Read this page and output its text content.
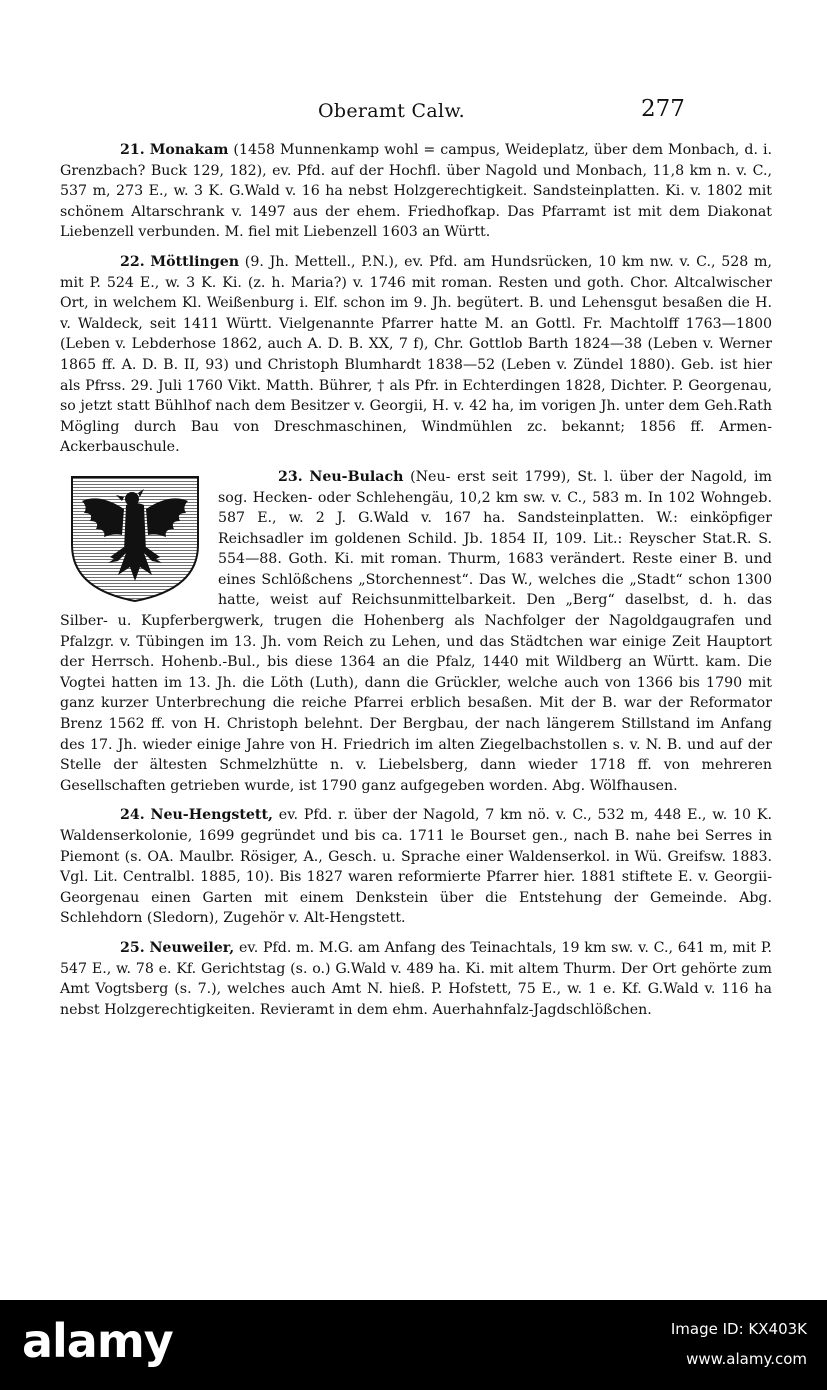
Oberamt Calw.	277

21. Monakam (1458 Munnenkamp wohl = campus, Weideplatz, über dem Monbach, d. i. Grenzbach? Buck 129, 182), ev. Pfd. auf der Hochfl. über Nagold und Monbach, 11,8 km n. v. C., 537 m, 273 E., w. 3 K. G.Wald v. 16 ha nebst Holzgerechtigkeit. Sandsteinplatten. Ki. v. 1802 mit schönem Altarschrank v. 1497 aus der ehem. Friedhofkap. Das Pfarramt ist mit dem Diakonat Liebenzell verbunden. M. fiel mit Liebenzell 1603 an Württ.

22. Möttlingen (9. Jh. Mettell., P.N.), ev. Pfd. am Hundsrücken, 10 km nw. v. C., 528 m, mit P. 524 E., w. 3 K. Ki. (z. h. Maria?) v. 1746 mit roman. Resten und goth. Chor. Altcalwischer Ort, in welchem Kl. Weißenburg i. Elf. schon im 9. Jh. begütert. B. und Lehensgut besaßen die H. v. Waldeck, seit 1411 Württ. Vielgenannte Pfarrer hatte M. an Gottl. Fr. Machtolff 1763—1800 (Leben v. Lebderhose 1862, auch A. D. B. XX, 7 f), Chr. Gottlob Barth 1824—38 (Leben v. Werner 1865 ff. A. D. B. II, 93) und Christoph Blumhardt 1838—52 (Leben v. Zündel 1880). Geb. ist hier als Pfrss. 29. Juli 1760 Vikt. Matth. Bührer, † als Pfr. in Echterdingen 1828, Dichter. P. Georgenau, so jetzt statt Bühlhof nach dem Besitzer v. Georgii, H. v. 42 ha, im vorigen Jh. unter dem Geh.Rath Mögling durch Bau von Dreschmaschinen, Windmühlen zc. bekannt; 1856 ff. Armen-Ackerbauschule.

23. Neu-Bulach (Neu- erst seit 1799), St. l. über der Nagold, im sog. Hecken- oder Schlehengäu, 10,2 km sw. v. C., 583 m. In 102 Wohngeb. 587 E., w. 2 J. G.Wald v. 167 ha. Sandsteinplatten. W.: einköpfiger Reichsadler im goldenen Schild. Jb. 1854 II, 109. Lit.: Reyscher Stat.R. S. 554—88. Goth. Ki. mit roman. Thurm, 1683 verändert. Reste einer B. und eines Schlößchens „Storchennest“. Das W., welches die „Stadt“ schon 1300 hatte, weist auf Reichsunmittelbarkeit. Den „Berg“ daselbst, d. h. das Silber- u. Kupferbergwerk, trugen die Hohenberg als Nachfolger der Nagoldgaugrafen und Pfalzgr. v. Tübingen im 13. Jh. vom Reich zu Lehen, und das Städtchen war einige Zeit Hauptort der Herrsch. Hohenb.-Bul., bis diese 1364 an die Pfalz, 1440 mit Wildberg an Württ. kam. Die Vogtei hatten im 13. Jh. die Löth (Luth), dann die Grückler, welche auch von 1366 bis 1790 mit ganz kurzer Unterbrechung die reiche Pfarrei erblich besaßen. Mit der B. war der Reformator Brenz 1562 ff. von H. Christoph belehnt. Der Bergbau, der nach längerem Stillstand im Anfang des 17. Jh. wieder einige Jahre von H. Friedrich im alten Ziegelbachstollen s. v. N. B. und auf der Stelle der ältesten Schmelzhütte n. v. Liebelsberg, dann wieder 1718 ff. von mehreren Gesellschaften getrieben wurde, ist 1790 ganz aufgegeben worden. Abg. Wölfhausen.

24. Neu-Hengstett, ev. Pfd. r. über der Nagold, 7 km nö. v. C., 532 m, 448 E., w. 10 K. Waldenserkolonie, 1699 gegründet und bis ca. 1711 le Bourset gen., nach B. nahe bei Serres in Piemont (s. OA. Maulbr. Rösiger, A., Gesch. u. Sprache einer Waldenserkol. in Wü. Greifsw. 1883. Vgl. Lit. Centralbl. 1885, 10). Bis 1827 waren reformierte Pfarrer hier. 1881 stiftete E. v. Georgii-Georgenau einen Garten mit einem Denkstein über die Entstehung der Gemeinde. Abg. Schlehdorn (Sledorn), Zugehör v. Alt-Hengstett.

25. Neuweiler, ev. Pfd. m. M.G. am Anfang des Teinachtals, 19 km sw. v. C., 641 m, mit P. 547 E., w. 78 e. Kf. Gerichtstag (s. o.) G.Wald v. 489 ha. Ki. mit altem Thurm. Der Ort gehörte zum Amt Vogtsberg (s. 7.), welches auch Amt N. hieß. P. Hofstett, 75 E., w. 1 e. Kf. G.Wald v. 116 ha nebst Holzgerechtigkeiten. Revieramt in dem ehm. Auerhahnfalz-Jagdschlößchen.

alamy	Image ID: KX403K
www.alamy.com
